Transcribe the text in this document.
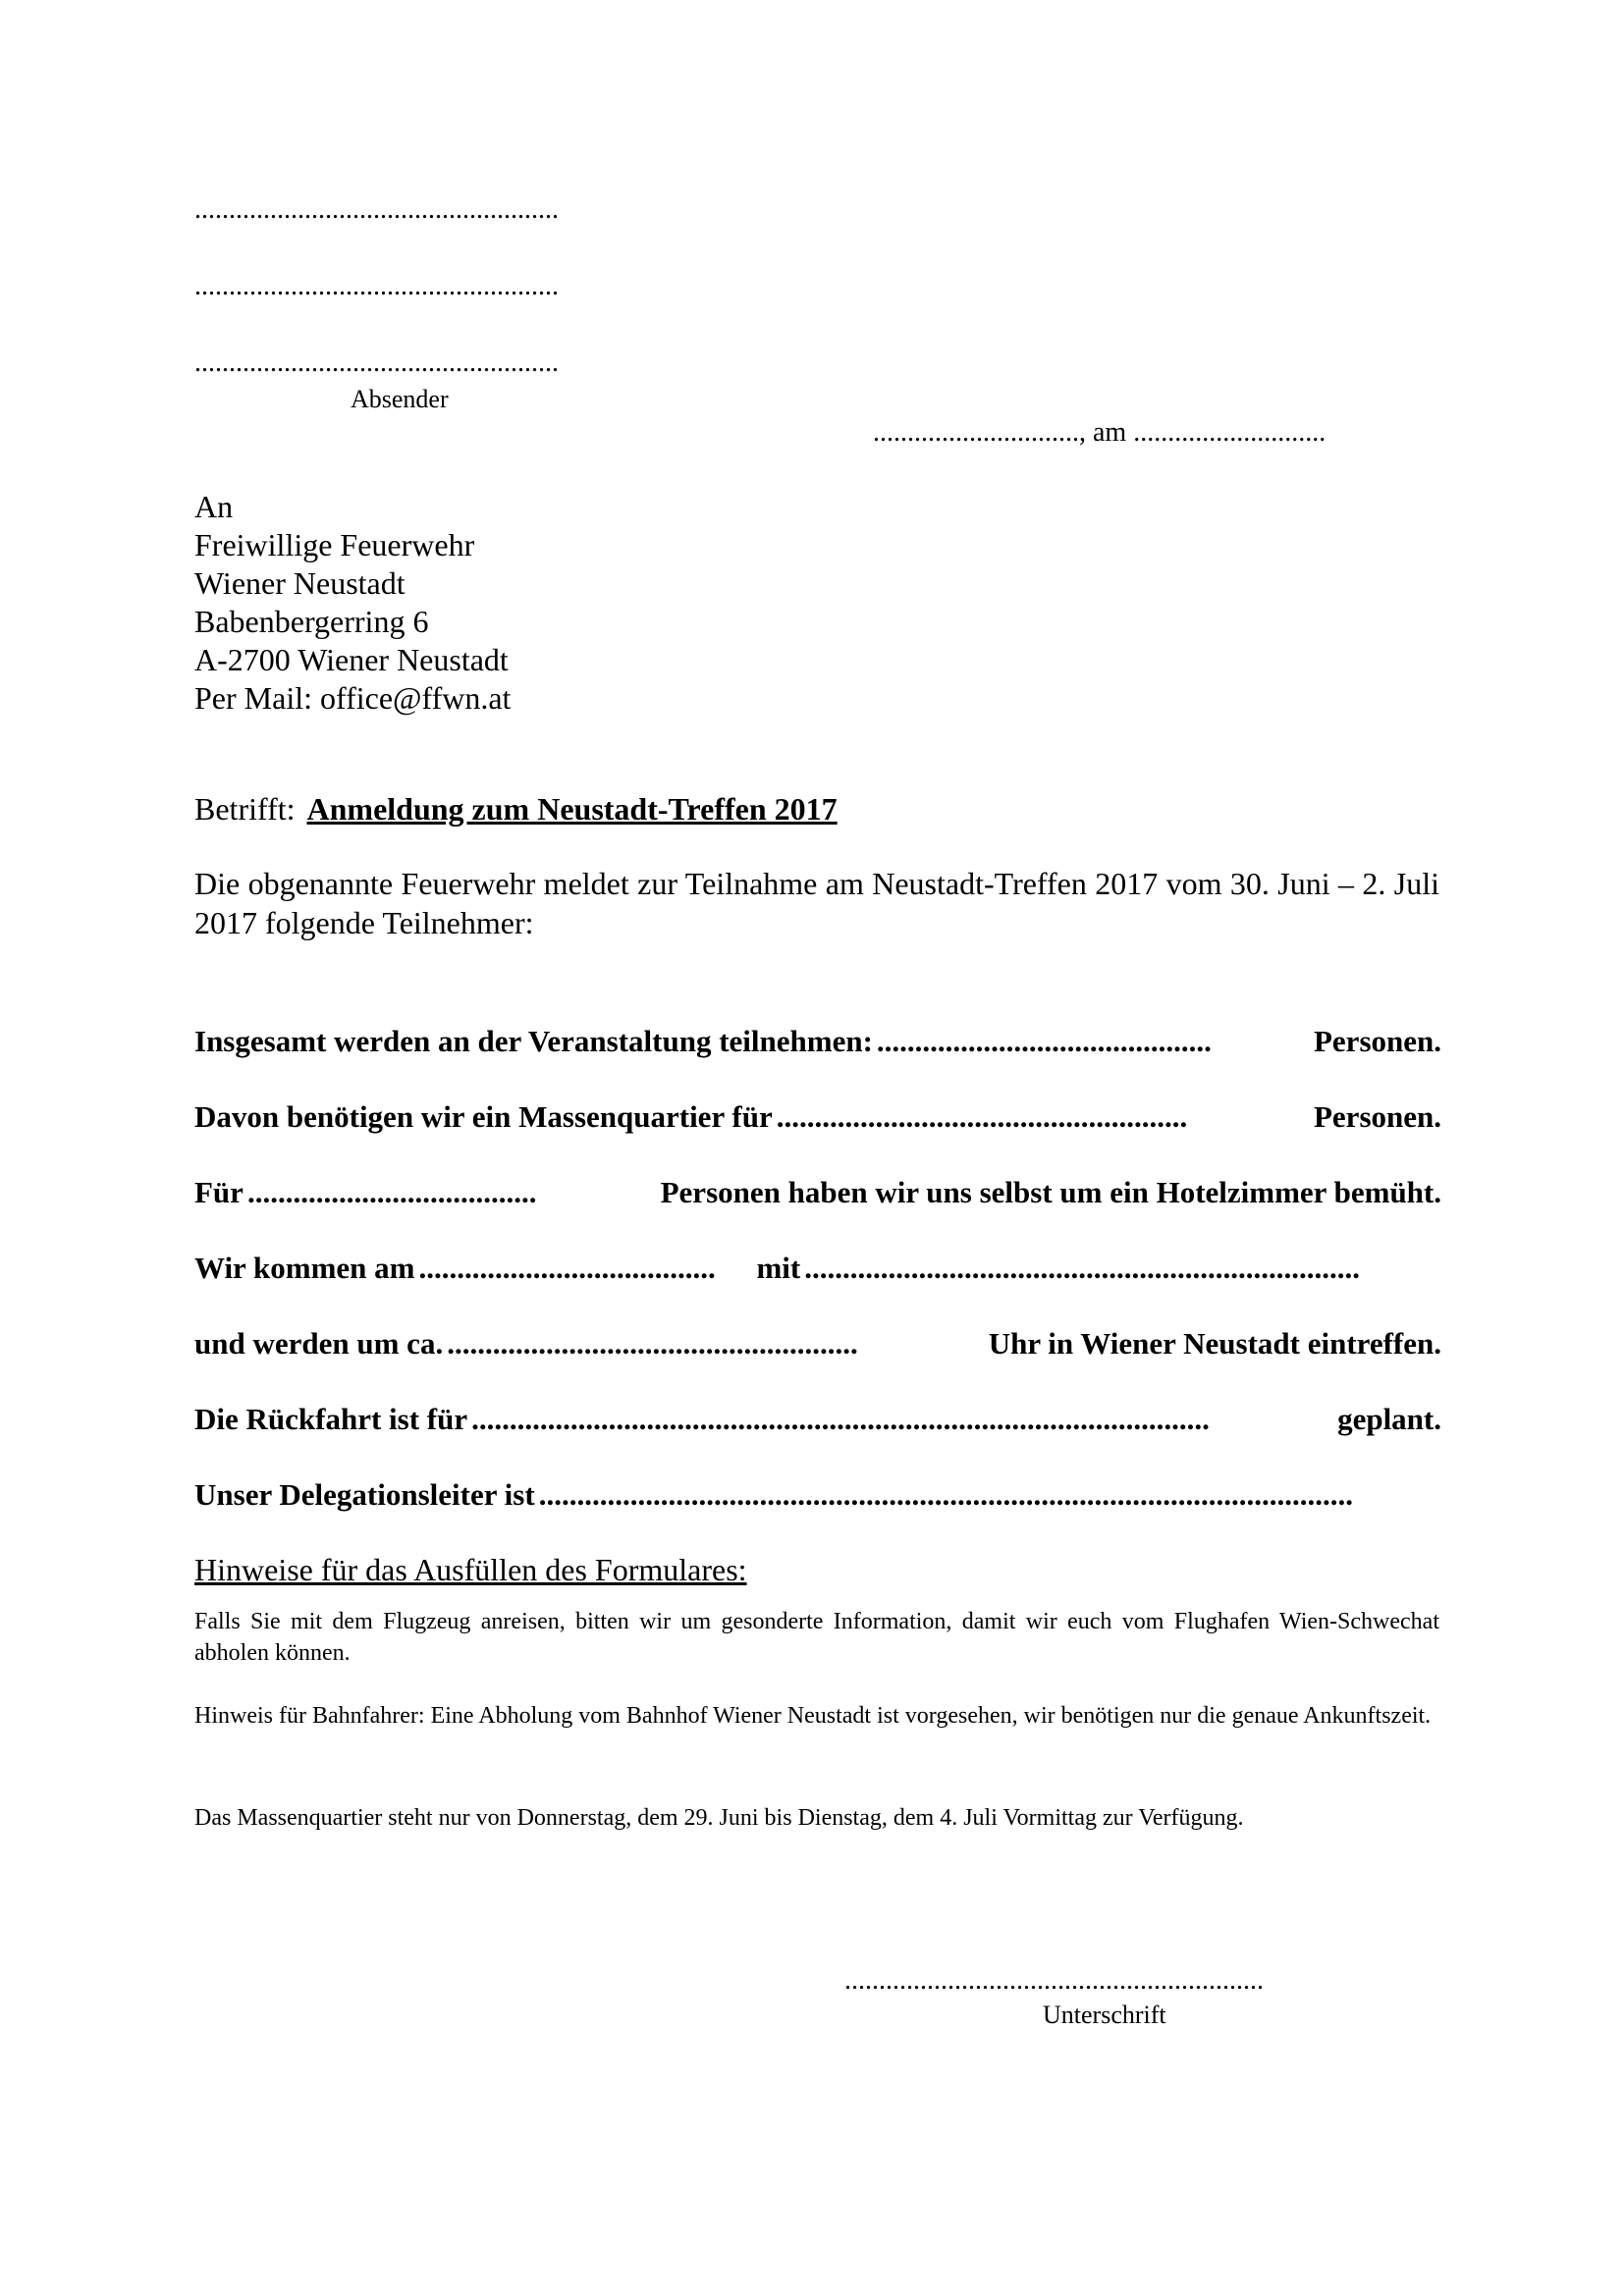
.....................................................
.....................................................
.....................................................
Absender
.............................., am ............................
An
Freiwillige Feuerwehr
Wiener Neustadt
Babenbergerring 6
A-2700 Wiener Neustadt
Per Mail: office@ffwn.at
Betrifft: Anmeldung zum Neustadt-Treffen 2017
Die obgenannte Feuerwehr meldet zur Teilnahme am Neustadt-Treffen 2017 vom 30. Juni – 2. Juli 2017 folgende Teilnehmer:
Insgesamt werden an der Veranstaltung teilnehmen: ............................................	Personen.
Davon benötigen wir ein Massenquartier für ......................................................	Personen.
Für ......................................	Personen haben wir uns selbst um ein Hotelzimmer bemüht.
Wir kommen am .......................................	mit .........................................................................
und werden um ca. ......................................................	Uhr in Wiener Neustadt eintreffen.
Die Rückfahrt ist für .................................................................................................	geplant.
Unser Delegationsleiter ist ...........................................................................................................
Hinweise für das Ausfüllen des Formulares:
Falls Sie mit dem Flugzeug anreisen, bitten wir um gesonderte Information, damit wir euch vom Flughafen Wien-Schwechat abholen können.
Hinweis für Bahnfahrer: Eine Abholung vom Bahnhof Wiener Neustadt ist vorgesehen, wir benötigen nur die genaue Ankunftszeit.
Das Massenquartier steht nur von Donnerstag, dem 29. Juni bis Dienstag, dem 4. Juli Vormittag zur Verfügung.
.............................................................
Unterschrift
